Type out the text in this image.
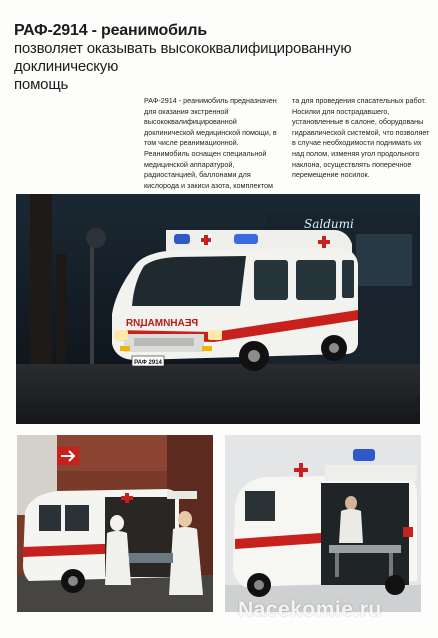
РАФ-2914 - реанимобиль
позволяет оказывать высококвалифицированную доклиническую
помощь

РАФ-2914 - реанимобиль предназначен для оказания экстренной высококвалифицированной доклинической медицинской помощи, в том числе реанимационной. Реанимобиль оснащен специальной медицинской аппаратурой, радиостанцией, баллонами для кислорода и закиси азота, комплектом

та для проведения спасательных работ. Носилки для пострадавшего, установленные в салоне, оборудованы гидравлической системой, что позволяет в случае необходимости поднимать их над полом, изменяя угол продольного наклона, осуществлять поперечное перемещение носилок.

РЕАНИМАЦИЯ
РАФ 2914
Saldumi
Nacekomie.ru
